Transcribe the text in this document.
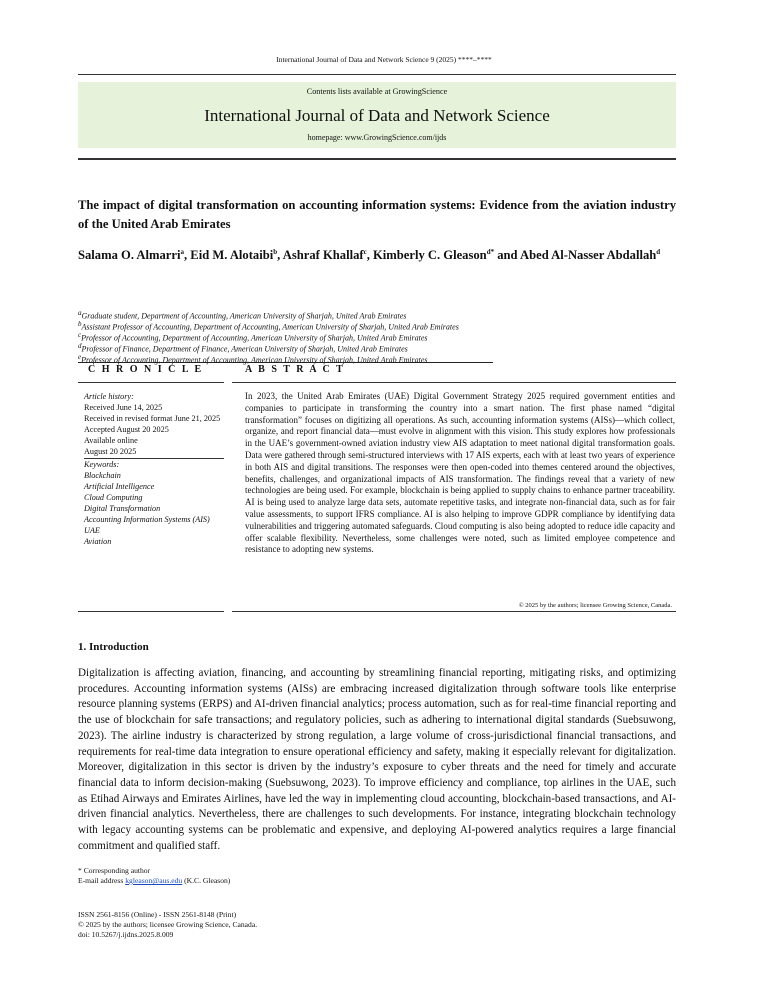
International Journal of Data and Network Science 9 (2025) ****–****
Contents lists available at GrowingScience
International Journal of Data and Network Science
homepage: www.GrowingScience.com/ijds
The impact of digital transformation on accounting information systems: Evidence from the aviation industry of the United Arab Emirates
Salama O. Almarri$^a$, Eid M. Alotaibi$^b$, Ashraf Khallaf$^c$, Kimberly C. Gleason$^{d*}$ and Abed Al-Nasser Abdallah$^d$
$^a$Graduate student, Department of Accounting, American University of Sharjah, United Arab Emirates
$^b$Assistant Professor of Accounting, Department of Accounting, American University of Sharjah, United Arab Emirates
$^c$Professor of Accounting, Department of Accounting, American University of Sharjah, United Arab Emirates
$^d$Professor of Finance, Department of Finance, American University of Sharjah, United Arab Emirates
$^e$Professor of Accounting, Department of Accounting, American University of Sharjah, United Arab Emirates
C H R O N I C L E	A B S T R A C T
Article history:
Received June 14, 2025
Received in revised format June 21, 2025
Accepted August 20 2025
Available online
August 20 2025
Keywords:
Blockchain
Artificial Intelligence
Cloud Computing
Digital Transformation
Accounting Information Systems (AIS)
UAE
Aviation
In 2023, the United Arab Emirates (UAE) Digital Government Strategy 2025 required government entities and companies to participate in transforming the country into a smart nation. The first phase named “digital transformation” focuses on digitizing all operations. As such, accounting information systems (AISs)—which collect, organize, and report financial data—must evolve in alignment with this vision. This study explores how professionals in the UAE’s government-owned aviation industry view AIS adaptation to meet national digital transformation goals. Data were gathered through semi-structured interviews with 17 AIS experts, each with at least two years of experience in both AIS and digital transitions. The responses were then open-coded into themes centered around the objectives, benefits, challenges, and organizational impacts of AIS transformation. The findings reveal that a variety of new technologies are being used. For example, blockchain is being applied to supply chains to enhance partner traceability. AI is being used to analyze large data sets, automate repetitive tasks, and integrate non-financial data, such as for fair value assessments, to support IFRS compliance. AI is also helping to improve GDPR compliance by identifying data vulnerabilities and triggering automated safeguards. Cloud computing is also being adopted to reduce idle capacity and offer scalable flexibility. Nevertheless, some challenges were noted, such as limited employee competence and resistance to adopting new systems.
© 2025 by the authors; licensee Growing Science, Canada.
1. Introduction
Digitalization is affecting aviation, financing, and accounting by streamlining financial reporting, mitigating risks, and optimizing procedures. Accounting information systems (AISs) are embracing increased digitalization through software tools like enterprise resource planning systems (ERPS) and AI-driven financial analytics; process automation, such as for real-time financial reporting and the use of blockchain for safe transactions; and regulatory policies, such as adhering to international digital standards (Suebsuwong, 2023). The airline industry is characterized by strong regulation, a large volume of cross-jurisdictional financial transactions, and requirements for real-time data integration to ensure operational efficiency and safety, making it especially relevant for digitalization. Moreover, digitalization in this sector is driven by the industry’s exposure to cyber threats and the need for timely and accurate financial data to inform decision-making (Suebsuwong, 2023). To improve efficiency and compliance, top airlines in the UAE, such as Etihad Airways and Emirates Airlines, have led the way in implementing cloud accounting, blockchain-based transactions, and AI-driven financial analytics. Nevertheless, there are challenges to such developments. For instance, integrating blockchain technology with legacy accounting systems can be problematic and expensive, and deploying AI-powered analytics requires a large financial commitment and qualified staff.
* Corresponding author
E-mail address kgleason@aus.edu (K.C. Gleason)
ISSN 2561-8156 (Online) - ISSN 2561-8148 (Print)
© 2025 by the authors; licensee Growing Science, Canada.
doi: 10.5267/j.ijdns.2025.8.009
